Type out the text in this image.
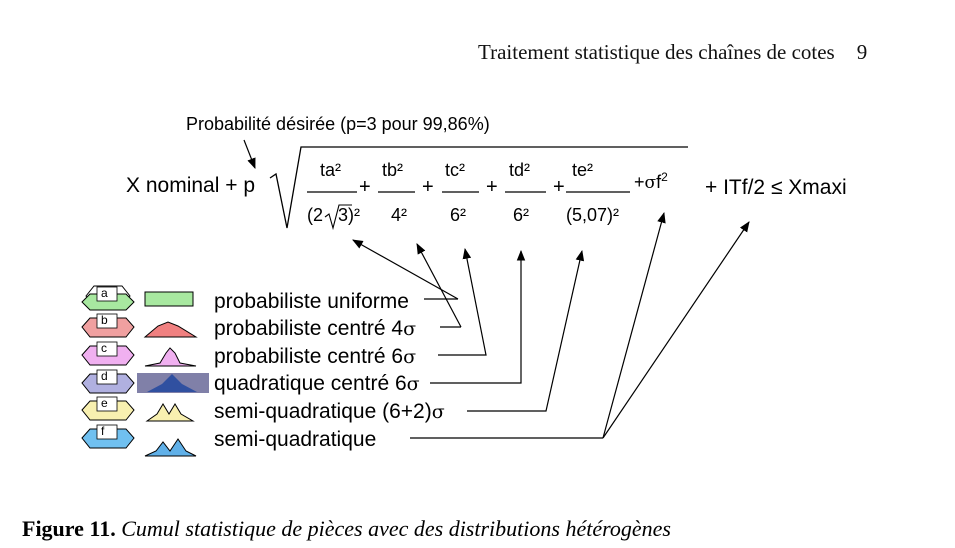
Traitement statistique des chaînes de cotes 9
Probabilité désirée (p=3 pour 99,86%)
X nominal + p
ta² tb² tc² td² te²
(2 3)² 4² 6²	6² (5,07)²
+	+	+	+	$+\sigma f^2 + ITf/2 \le Xmaxi$
probabiliste uniforme
probabiliste centré 4σ
probabiliste centré 6σ
quadratique centré 6σ
semi-quadratique (6+2)σ
semi-quadratique
Figure 11. Cumul statistique de pièces avec des distributions hétérogènes
a
b
c
d
e
f
